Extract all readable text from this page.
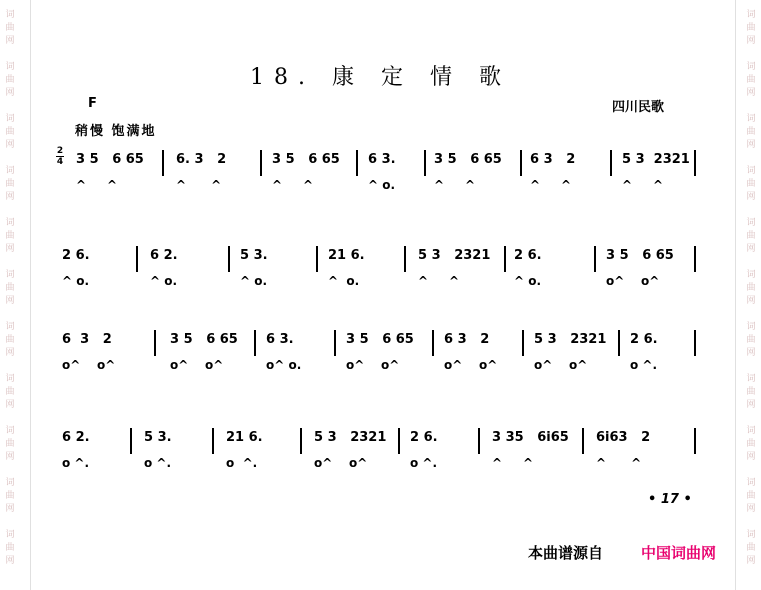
18. 康 定 情 歌
F
稍慢 饱满地
四川民歌
2
4 3 5   6 65
^     ^
6. 3   2
^      ^
3 5   6 65
^     ^
6 3.
^ o.
3 5   6 65
^     ^
6 3   2
^     ^
5 3  2321
^     ^
2 6.
^ o.
6 2.
^ o.
5 3.
^ o.
21 6.
^  o.
5 3   2321
^     ^
2 6.
^ o.
3 5   6 65
o^    o^
6  3   2
o^    o^
3 5   6 65
o^    o^
6 3.
o^ o.
3 5   6 65
o^    o^
6 3   2
o^    o^
5 3   2321
o^    o^
2 6.
o ^.
6 2.
o ^.
5 3.
o ^.
21 6.
o  ^.
5 3   2321
o^    o^
2 6.
o ^.
3 35   6i65
^     ^
6i63   2
^      ^
• 17 •
本曲谱源自	中国词曲网
词
曲
网
词
曲
网
词
曲
网
词
曲
网
词
曲
网
词
曲
网
词
曲
网
词
曲
网
词
曲
网
词
曲
网
词
曲
网
词
曲
网
词
曲
网
词
曲
网
词
曲
网
词
曲
网
词
曲
网
词
曲
网
词
曲
网
词
曲
网
词
曲
网
词
曲
网
